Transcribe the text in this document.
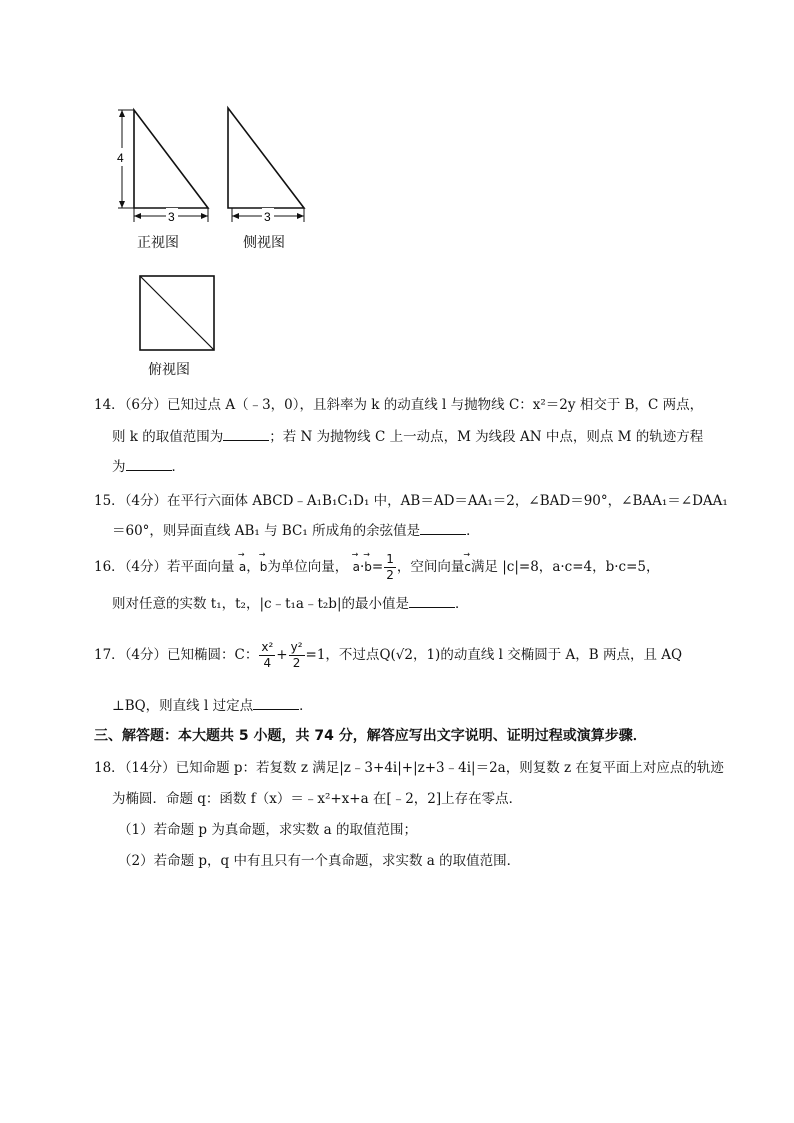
4
3
正视图
3
侧视图
俯视图
14．（6分）已知过点 A（﹣3，0），且斜率为 k 的动直线 l 与抛物线 C：x²＝2y 相交于 B，C 两点，
则 k 的取值范围为	；若 N 为抛物线 C 上一动点，M 为线段 AN 中点，则点 M 的轨迹方程
为	．
15．（4分）在平行六面体 ABCD﹣A₁B₁C₁D₁ 中，AB＝AD＝AA₁＝2，∠BAD＝90°，∠BAA₁＝∠DAA₁
＝60°，则异面直线 AB₁ 与 BC₁ 所成角的余弦值是	．
16．（4分）若平面向量 → a，→ b为单位向量， → $a\cdot\to b= \frac{1}{2}$ ，空间向量→ c满足 |c|=8，a·c=4，b·c=5，
则对任意的实数 t₁，t₂，|c﹣t₁a﹣t₂b|的最小值是	．
17．（4分）已知椭圆：C： $\frac{\text{x²}}{4} + \frac{\text{y²}}{2} =1$，不过点Q(√2，1)的动直线 l 交椭圆于 A，B 两点，且 AQ
⊥BQ，则直线 l 过定点	．
三、解答题：本大题共 5 小题，共 74 分，解答应写出文字说明、证明过程或演算步骤．
18．（14分）已知命题 p：若复数 z 满足|z﹣3+4i|+|z+3﹣4i|＝2a，则复数 z 在复平面上对应点的轨迹
为椭圆．命题 q：函数 f（x）＝﹣x²+x+a 在[﹣2，2]上存在零点．
（1）若命题 p 为真命题，求实数 a 的取值范围；
（2）若命题 p，q 中有且只有一个真命题，求实数 a 的取值范围．
